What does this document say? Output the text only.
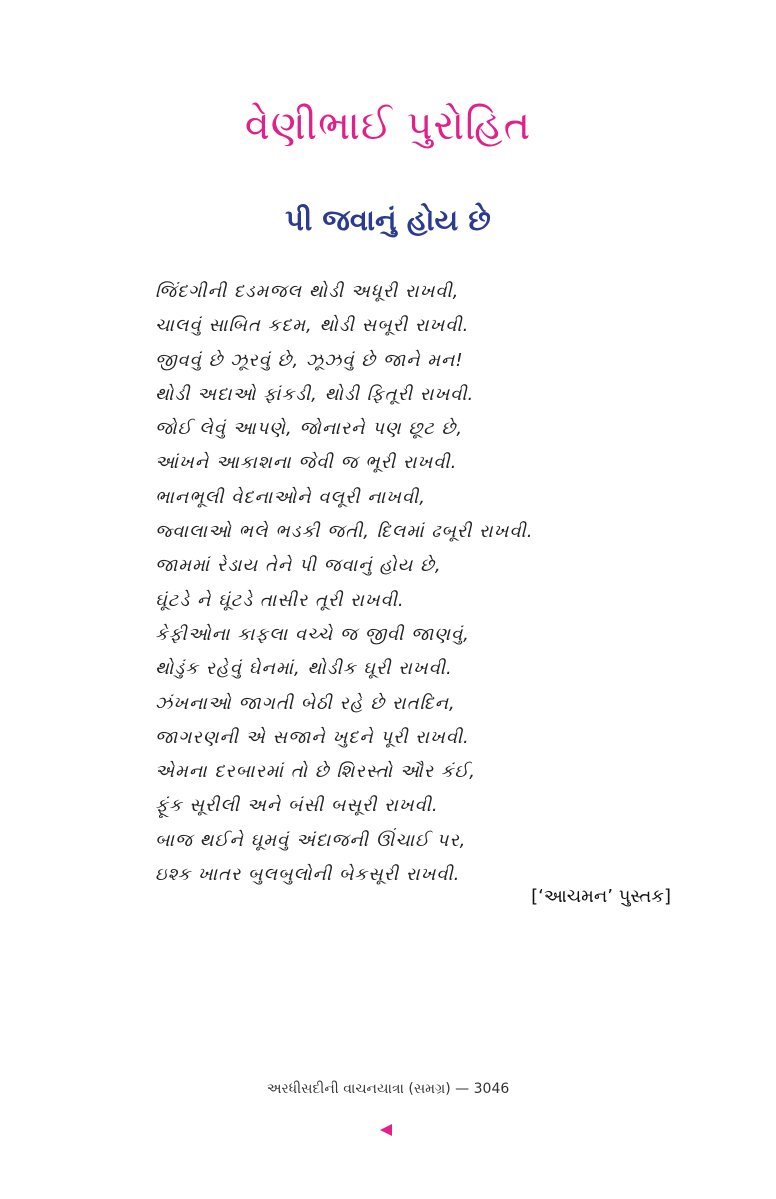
વેણીભાઈ પુરોહિત
પી જવાનું હોય છે
જિંદગીની દડમજલ થોડી અધૂરી રાખવી,
ચાલવું સાબિત કદમ, થોડી સબૂરી રાખવી.
જીવવું છે ઝૂરવું છે, ઝૂઝવું છે જાને મન!
થોડી અદાઓ ફાંકડી, થોડી ફિતૂરી રાખવી.
જોઈ લેવું આપણે, જોનારને પણ છૂટ છે,
આંખને આકાશના જેવી જ ભૂરી રાખવી.
ભાનભૂલી વેદનાઓને વલૂરી નાખવી,
જ્વાલાઓ ભલે ભડકી જતી, દિલમાં ઢબૂરી રાખવી.
જામમાં રેડાય તેને પી જવાનું હોય છે,
ઘૂંટડે ને ઘૂંટડે તાસીર તૂરી રાખવી.
કેફીઓના કાફલા વચ્ચે જ જીવી જાણવું,
થોડુંક રહેવું ઘેનમાં, થોડીક ઘૂરી રાખવી.
ઝંખનાઓ જાગતી બેઠી રહે છે રાતદિન,
જાગરણની એ સજાને ખુદને પૂરી રાખવી.
એમના દરબારમાં તો છે શિરસ્તો ઔર કંઈ,
ફૂંક સૂરીલી અને બંસી બસૂરી રાખવી.
બાજ થઈને ઘૂમવું અંદાજની ઊંચાઈ પર,
ઇશ્ક ખાતર બુલબુલોની બેકસૂરી રાખવી.
[‘આચમન’ પુસ્તક]
અરધીસદીની વાચનયાત્રા (સમગ્ર) — 3046
